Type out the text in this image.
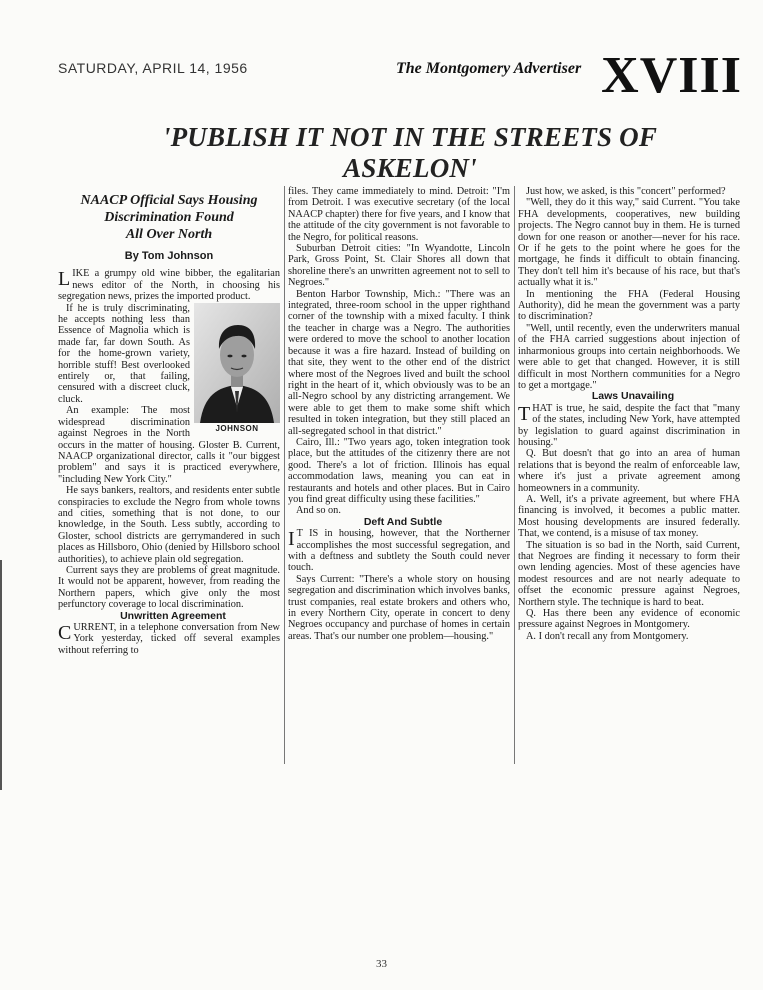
SATURDAY, APRIL 14, 1956	The Montgomery Advertiser XVIII
'PUBLISH IT NOT IN THE STREETS OF ASKELON'
NAACP Official Says Housing
Discrimination Found
All Over North
By Tom Johnson

LIKE a grumpy old wine bibber, the egalitarian news editor of the North, in choosing his segregation news, prizes the imported product.

JOHNSON
If he is truly discriminating, he accepts nothing less than Essence of Magnolia which is made far, far down South. As for the home-grown variety, horrible stuff! Best overlooked entirely or, that failing, censured with a discreet cluck, cluck.

An example: The most widespread discrimination against Negroes in the North occurs in the matter of housing. Gloster B. Current, NAACP organizational director, calls it "our biggest problem" and says it is practiced everywhere, "including New York City."

He says bankers, realtors, and residents enter subtle conspiracies to exclude the Negro from whole towns and cities, something that is not done, to our knowledge, in the South. Less subtly, according to Gloster, school districts are gerrymandered in such places as Hillsboro, Ohio (denied by Hillsboro school authorities), to achieve plain old segregation.

Current says they are problems of great magnitude. It would not be apparent, however, from reading the Northern papers, which give only the most perfunctory coverage to local discrimination.

Unwritten Agreement

CURRENT, in a telephone conversation from New York yesterday, ticked off several examples without referring to

files. They came immediately to mind. Detroit: "I'm from Detroit. I was executive secretary (of the local NAACP chapter) there for five years, and I know that the attitude of the city government is not favorable to the Negro, for political reasons.

Suburban Detroit cities: "In Wyandotte, Lincoln Park, Gross Point, St. Clair Shores all down that shoreline there's an unwritten agreement not to sell to Negroes."

Benton Harbor Township, Mich.: "There was an integrated, three-room school in the upper righthand corner of the township with a mixed faculty. I think the teacher in charge was a Negro. The authorities were ordered to move the school to another location because it was a fire hazard. Instead of building on that site, they went to the other end of the district where most of the Negroes lived and built the school right in the heart of it, which obviously was to be an all-Negro school by any districting arrangement. We were able to get them to make some shift which resulted in token integration, but they still placed an all-segregated school in that district."

Cairo, Ill.: "Two years ago, token integration took place, but the attitudes of the citizenry there are not good. There's a lot of friction. Illinois has equal accommodation laws, meaning you can eat in restaurants and hotels and other places. But in Cairo you find great difficulty using these facilities."

And so on.

Deft And Subtle

I T IS in housing, however, that the Northerner accomplishes the most successful segregation, and with a deftness and subtlety the South could never touch.

Says Current: "There's a whole story on housing segregation and discrimination which involves banks, trust companies, real estate brokers and others who, in every Northern City, operate in concert to deny Negroes occupancy and purchase of homes in certain areas. That's our number one problem—housing."

Just how, we asked, is this "concert" performed?

"Well, they do it this way," said Current. "You take FHA developments, cooperatives, new building projects. The Negro cannot buy in them. He is turned down for one reason or another—never for his race. Or if he gets to the point where he goes for the mortgage, he finds it difficult to obtain financing. They don't tell him it's because of his race, but that's actually what it is."

In mentioning the FHA (Federal Housing Authority), did he mean the government was a party to discrimination?

"Well, until recently, even the underwriters manual of the FHA carried suggestions about injection of inharmonious groups into certain neighborhoods. We were able to get that changed. However, it is still difficult in most Northern communities for a Negro to get a mortgage."

Laws Unavailing

THAT is true, he said, despite the fact that "many of the states, including New York, have attempted by legislation to guard against discrimination in housing."

Q. But doesn't that go into an area of human relations that is beyond the realm of enforceable law, where it's just a private agreement among homeowners in a community.

A. Well, it's a private agreement, but where FHA financing is involved, it becomes a public matter. Most housing developments are insured federally. That, we contend, is a misuse of tax money.

The situation is so bad in the North, said Current, that Negroes are finding it necessary to form their own lending agencies. Most of these agencies have modest resources and are not nearly adequate to offset the economic pressure against Negroes, Northern style. The technique is hard to beat.

Q. Has there been any evidence of economic pressure against Negroes in Montgomery.

A. I don't recall any from Montgomery.

33
